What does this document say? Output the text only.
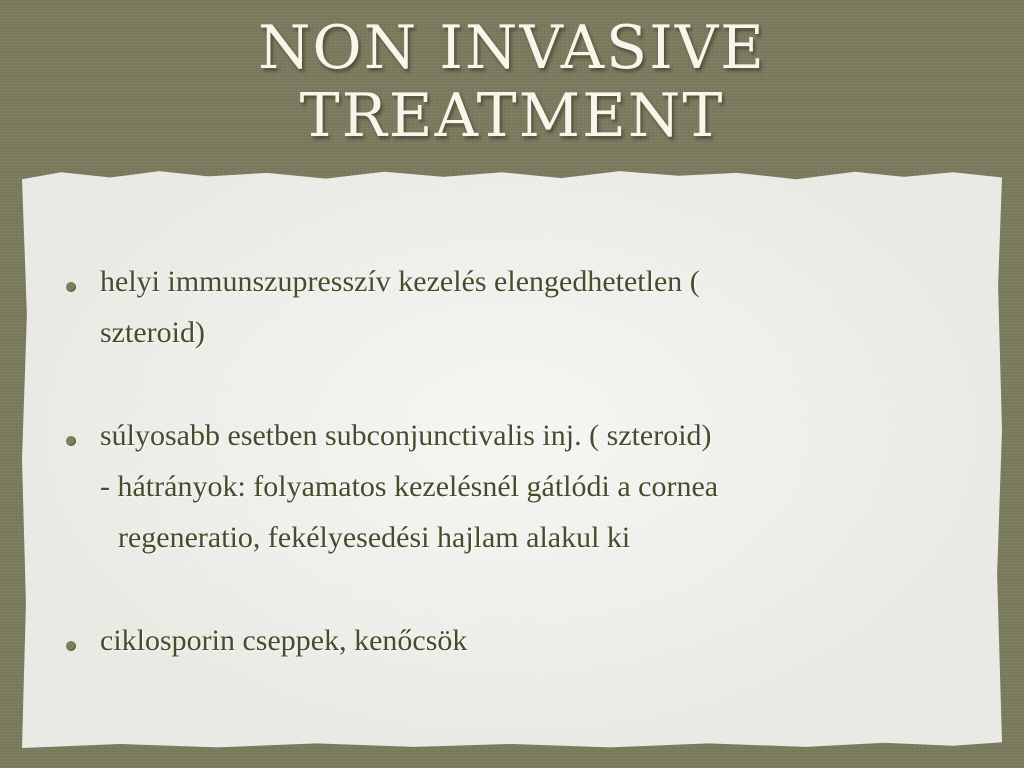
NON INVASIVE
TREATMENT
helyi immunszupresszív kezelés elengedhetetlen (
szteroid)
súlyosabb esetben subconjunctivalis inj. ( szteroid)
- hátrányok: folyamatos kezelésnél gátlódi a cornea
regeneratio, fekélyesedési hajlam alakul ki
ciklosporin cseppek, kenőcsök
